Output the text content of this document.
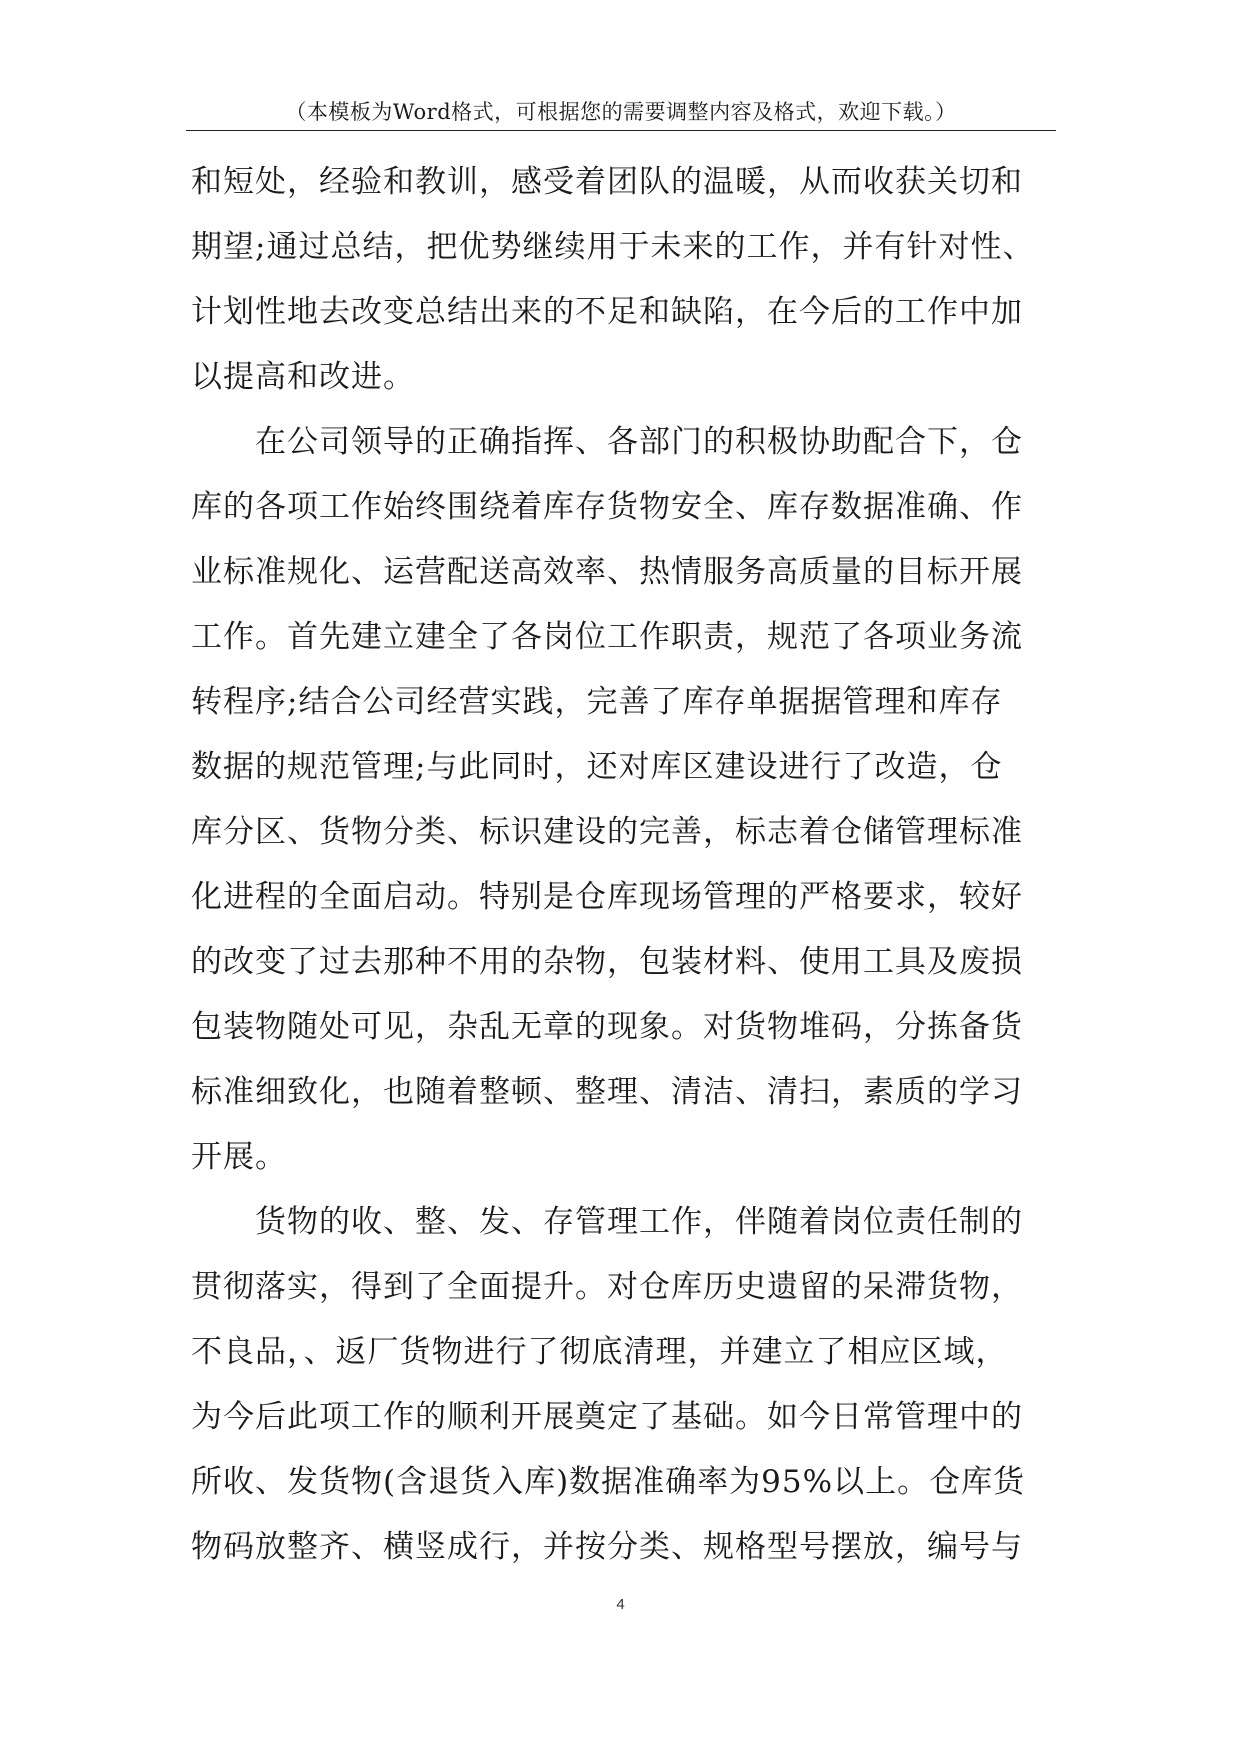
（本模板为Word格式，可根据您的需要调整内容及格式，欢迎下载。）
和短处，经验和教训，感受着团队的温暖，从而收获关切和
期望;通过总结，把优势继续用于未来的工作，并有针对性、
计划性地去改变总结出来的不足和缺陷，在今后的工作中加
以提高和改进。
　　在公司领导的正确指挥、各部门的积极协助配合下，仓
库的各项工作始终围绕着库存货物安全、库存数据准确、作
业标准规化、运营配送高效率、热情服务高质量的目标开展
工作。首先建立建全了各岗位工作职责，规范了各项业务流
转程序;结合公司经营实践，完善了库存单据据管理和库存
数据的规范管理;与此同时，还对库区建设进行了改造，仓
库分区、货物分类、标识建设的完善，标志着仓储管理标准
化进程的全面启动。特别是仓库现场管理的严格要求，较好
的改变了过去那种不用的杂物，包装材料、使用工具及废损
包装物随处可见，杂乱无章的现象。对货物堆码，分拣备货
标准细致化，也随着整顿、整理、清洁、清扫，素质的学习
开展。
　　货物的收、整、发、存管理工作，伴随着岗位责任制的
贯彻落实，得到了全面提升。对仓库历史遗留的呆滞货物，
不良品，、返厂货物进行了彻底清理，并建立了相应区域，
为今后此项工作的顺利开展奠定了基础。如今日常管理中的
所收、发货物(含退货入库)数据准确率为95%以上。仓库货
物码放整齐、横竖成行，并按分类、规格型号摆放，编号与
4
